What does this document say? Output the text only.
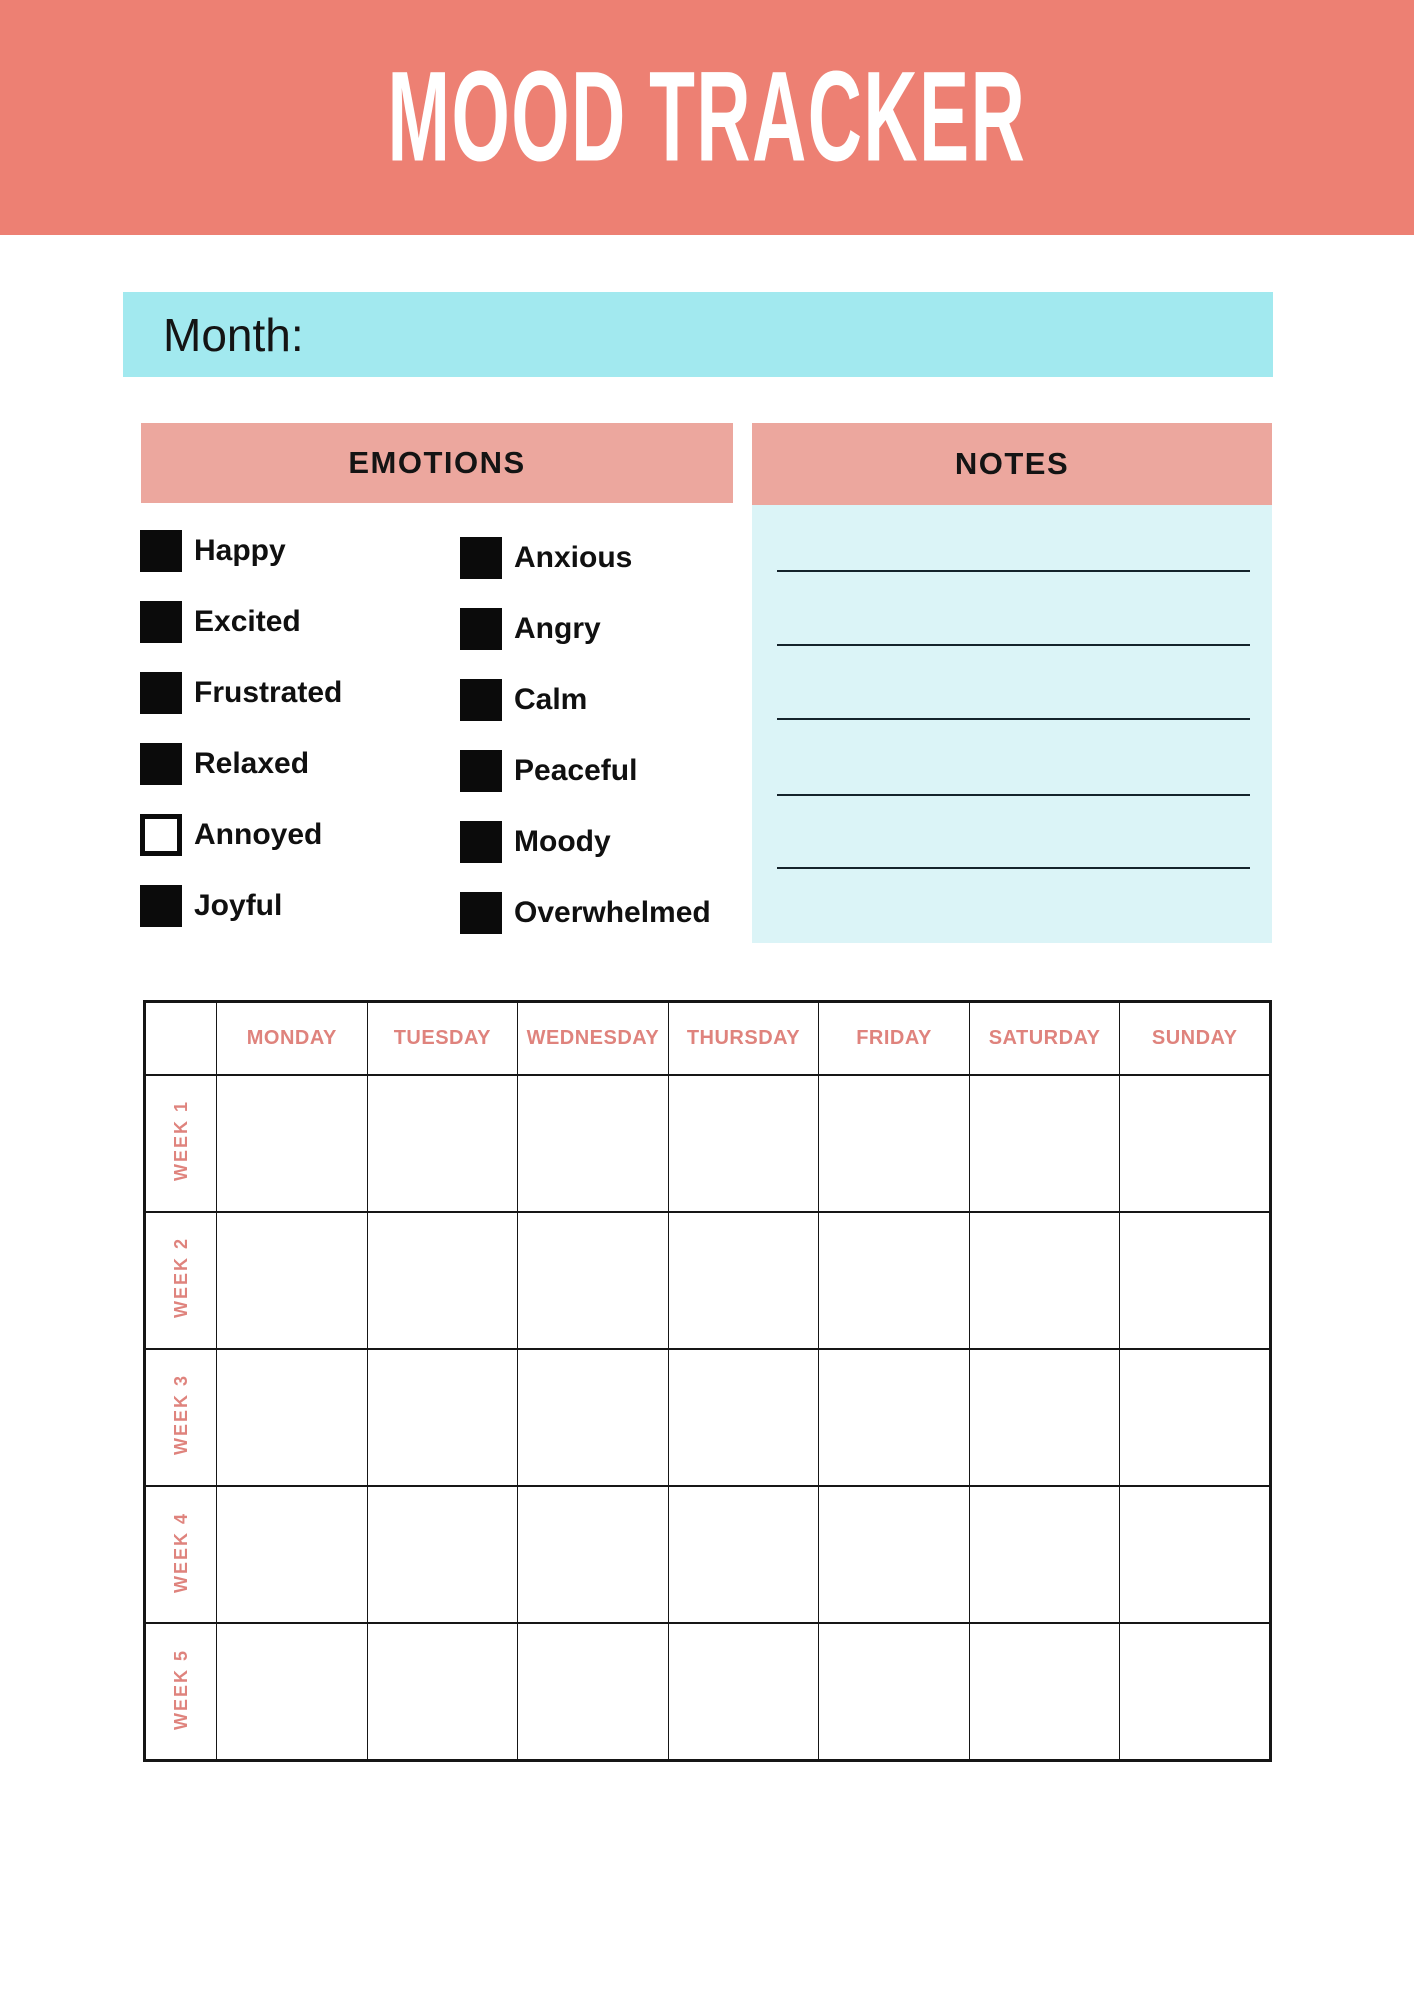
MOOD TRACKER
Month:
EMOTIONS
Happy
Excited
Frustrated
Relaxed
Annoyed
Joyful
Anxious
Angry
Calm
Peaceful
Moody
Overwhelmed
NOTES
	MONDAY	TUESDAY	WEDNESDAY	THURSDAY	FRIDAY	SATURDAY	SUNDAY
WEEK 1							
WEEK 2							
WEEK 3							
WEEK 4							
WEEK 5							
